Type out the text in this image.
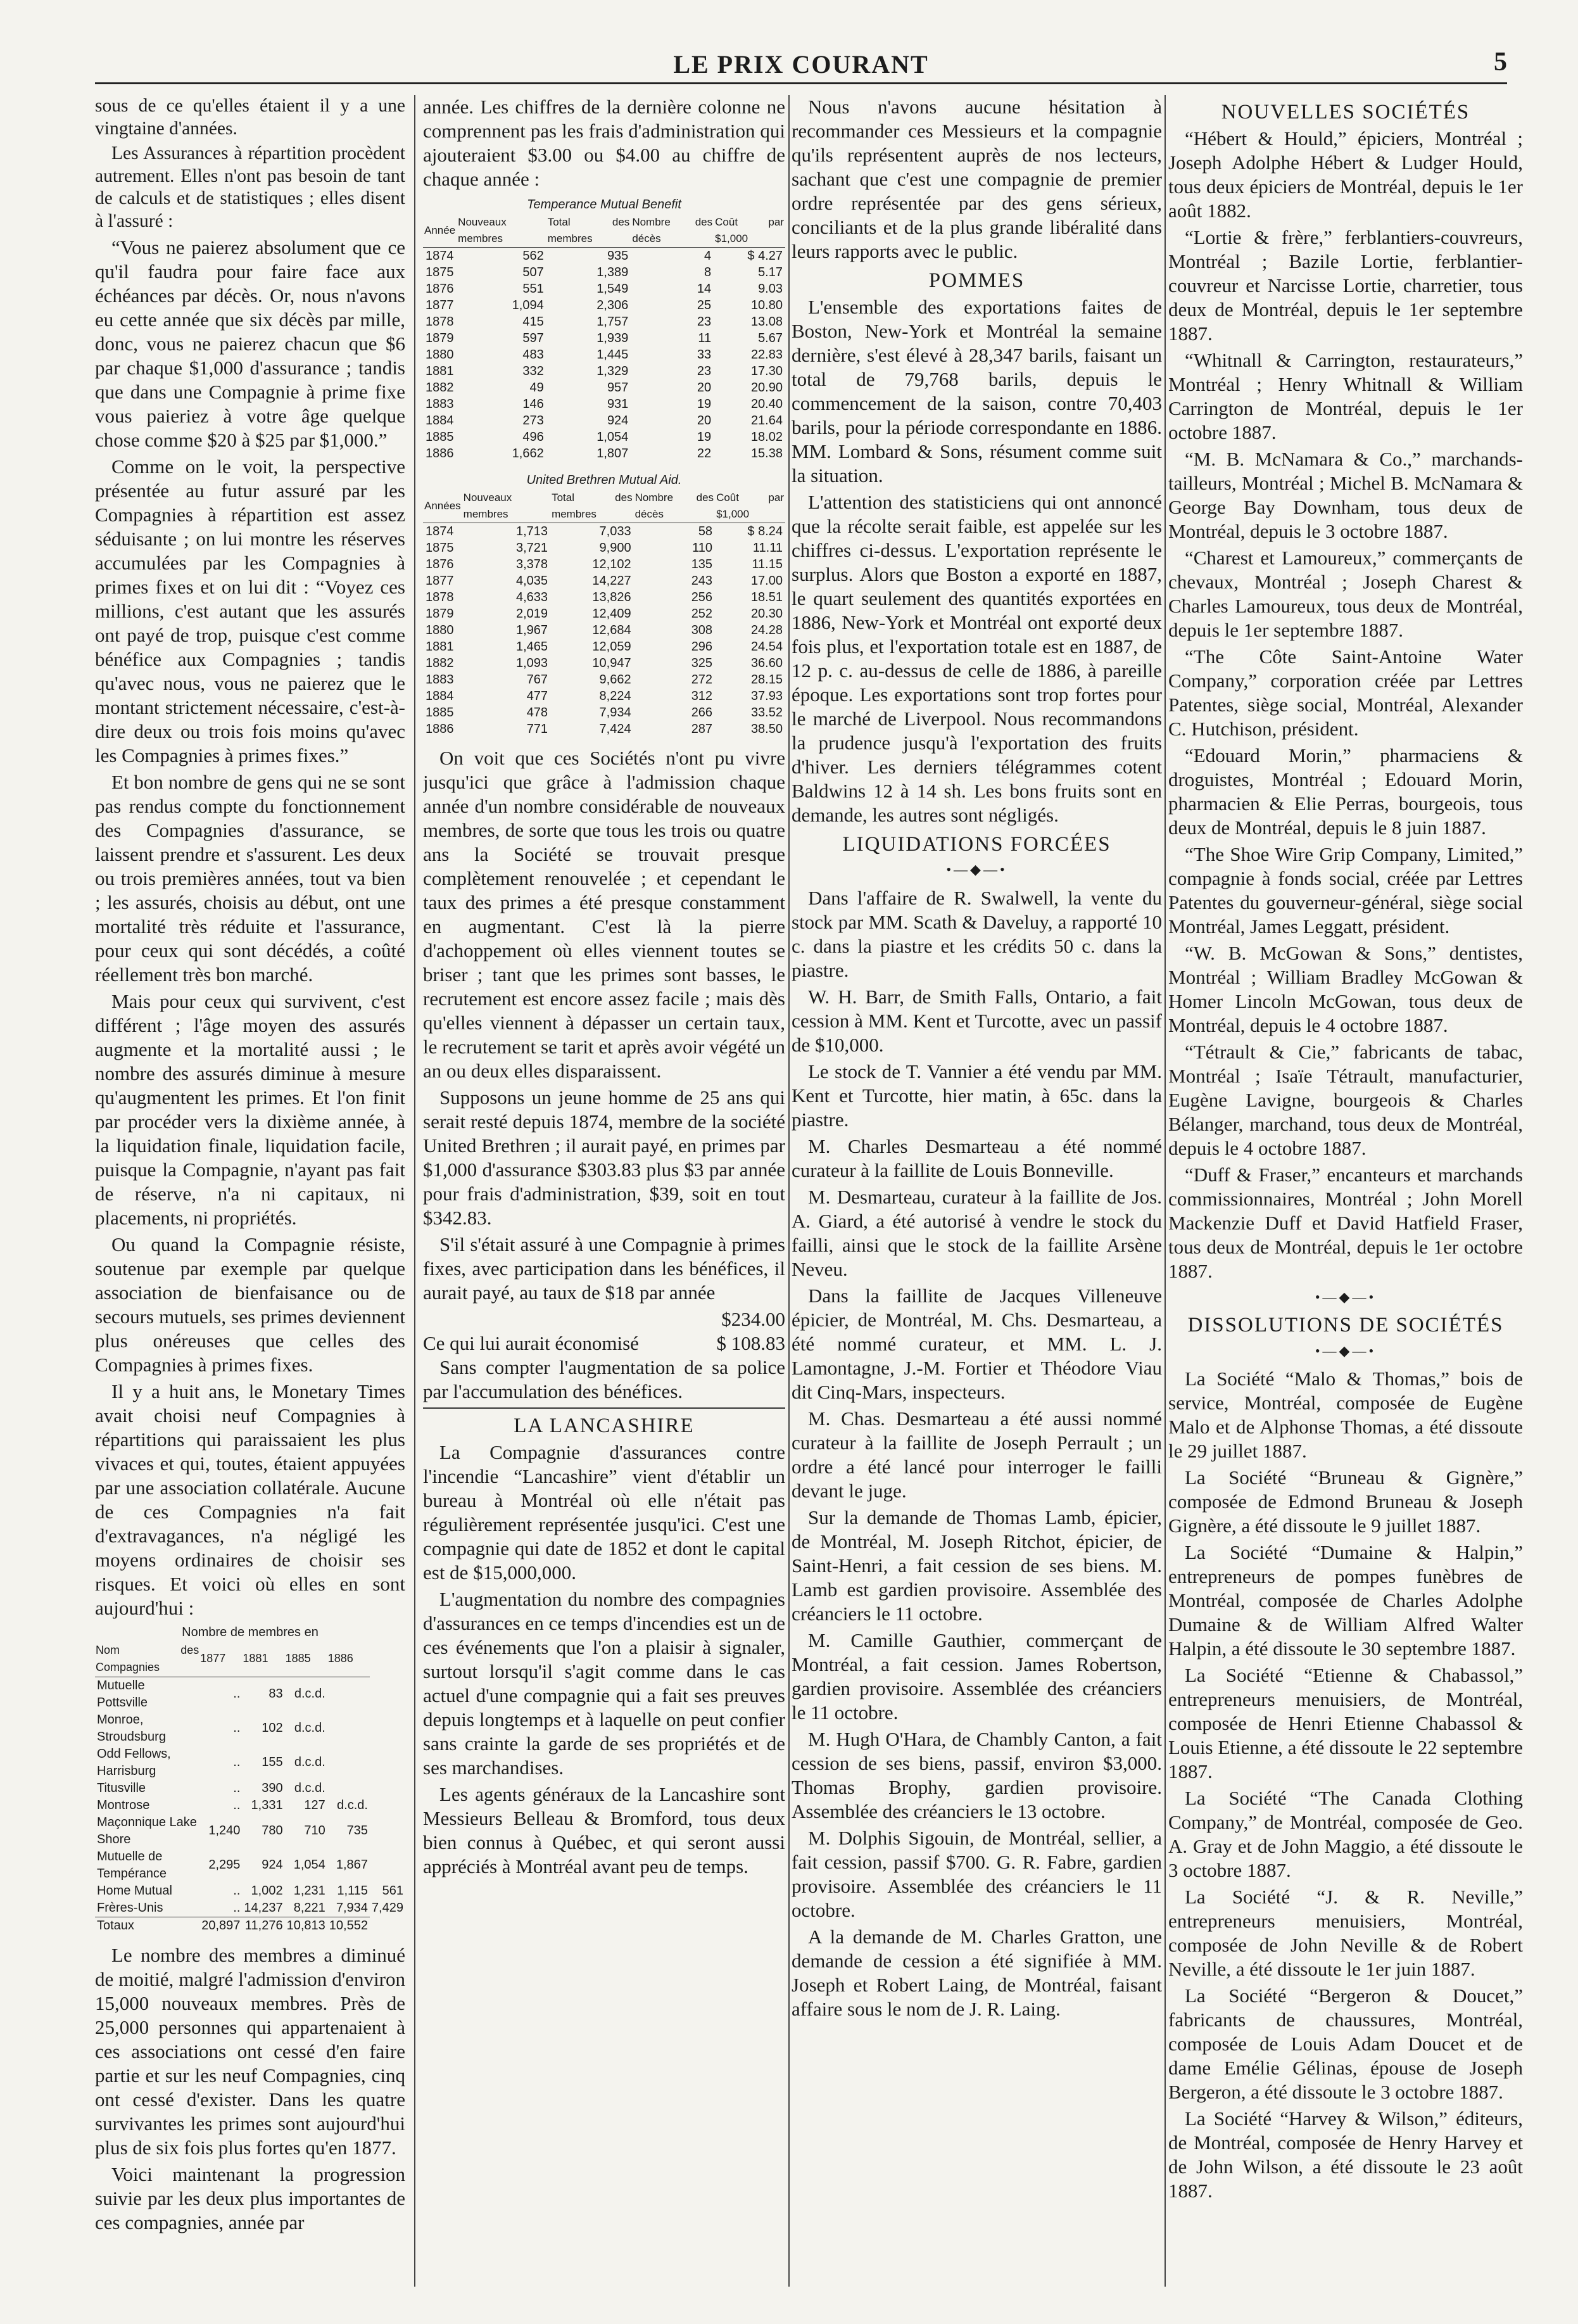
LE PRIX COURANT	5

sous de ce qu'elles étaient il y a une vingtaine d'années.

Les Assurances à répartition procèdent autrement. Elles n'ont pas besoin de tant de calculs et de statistiques ; elles disent à l'assuré :

“Vous ne paierez absolument que ce qu'il faudra pour faire face aux échéances par décès. Or, nous n'avons eu cette année que six décès par mille, donc, vous ne paierez chacun que $6 par chaque $1,000 d'assurance ; tandis que dans une Compagnie à prime fixe vous paieriez à votre âge quelque chose comme $20 à $25 par $1,000.”

Comme on le voit, la perspective présentée au futur assuré par les Compagnies à répartition est assez séduisante ; on lui montre les réserves accumulées par les Compagnies à primes fixes et on lui dit : “Voyez ces millions, c'est autant que les assurés ont payé de trop, puisque c'est comme bénéfice aux Compagnies ; tandis qu'avec nous, vous ne paierez que le montant strictement nécessaire, c'est-à-dire deux ou trois fois moins qu'avec les Compagnies à primes fixes.”

Et bon nombre de gens qui ne se sont pas rendus compte du fonctionnement des Compagnies d'assurance, se laissent prendre et s'assurent. Les deux ou trois premières années, tout va bien ; les assurés, choisis au début, ont une mortalité très réduite et l'assurance, pour ceux qui sont décédés, a coûté réellement très bon marché.

Mais pour ceux qui survivent, c'est différent ; l'âge moyen des assurés augmente et la mortalité aussi ; le nombre des assurés diminue à mesure qu'augmentent les primes. Et l'on finit par procéder vers la dixième année, à la liquidation finale, liquidation facile, puisque la Compagnie, n'ayant pas fait de réserve, n'a ni capitaux, ni placements, ni propriétés.

Ou quand la Compagnie résiste, soutenue par exemple par quelque association de bienfaisance ou de secours mutuels, ses primes deviennent plus onéreuses que celles des Compagnies à primes fixes.

Il y a huit ans, le Monetary Times avait choisi neuf Compagnies à répartitions qui paraissaient les plus vivaces et qui, toutes, étaient appuyées par une association collatérale. Aucune de ces Compagnies n'a fait d'extravagances, n'a négligé les moyens ordinaires de choisir ses risques. Et voici où elles en sont aujourd'hui :

Nombre de membres en
Nom des Compagnies	1877	1881	1885	1886	
Mutuelle Pottsville	..	83	d.c.d.		
Monroe, Stroudsburg	..	102	d.c.d.		
Odd Fellows, Harrisburg	..	155	d.c.d.		
Titusville	..	390	d.c.d.		
Montrose	..	1,331	127	d.c.d.	
Maçonnique Lake Shore	1,240	780	710	735	
Mutuelle de Tempérance	2,295	924	1,054	1,867	
Home Mutual	..	1,002	1,231	1,115	561
Frères-Unis	..	14,237	8,221	7,934	7,429
Totaux	20,897	11,276	10,813	10,552	

Le nombre des membres a diminué de moitié, malgré l'admission d'environ 15,000 nouveaux membres. Près de 25,000 personnes qui appartenaient à ces associations ont cessé d'en faire partie et sur les neuf Compagnies, cinq ont cessé d'exister. Dans les quatre survivantes les primes sont aujourd'hui plus de six fois plus fortes qu'en 1877.

Voici maintenant la progression suivie par les deux plus importantes de ces compagnies, année par

année. Les chiffres de la dernière colonne ne comprennent pas les frais d'administration qui ajouteraient $3.00 ou $4.00 au chiffre de chaque année :

Temperance Mutual Benefit
Année	Nouveaux membres	Total des membres	Nombre des décès	Coût par $1,000
1874	562	935	4	$ 4.27
1875	507	1,389	8	5.17
1876	551	1,549	14	9.03
1877	1,094	2,306	25	10.80
1878	415	1,757	23	13.08
1879	597	1,939	11	5.67
1880	483	1,445	33	22.83
1881	332	1,329	23	17.30
1882	49	957	20	20.90
1883	146	931	19	20.40
1884	273	924	20	21.64
1885	496	1,054	19	18.02
1886	1,662	1,807	22	15.38
United Brethren Mutual Aid.
Années	Nouveaux membres	Total des membres	Nombre des décès	Coût par $1,000
1874	1,713	7,033	58	$ 8.24
1875	3,721	9,900	110	11.11
1876	3,378	12,102	135	11.15
1877	4,035	14,227	243	17.00
1878	4,633	13,826	256	18.51
1879	2,019	12,409	252	20.30
1880	1,967	12,684	308	24.28
1881	1,465	12,059	296	24.54
1882	1,093	10,947	325	36.60
1883	767	9,662	272	28.15
1884	477	8,224	312	37.93
1885	478	7,934	266	33.52
1886	771	7,424	287	38.50

On voit que ces Sociétés n'ont pu vivre jusqu'ici que grâce à l'admission chaque année d'un nombre considérable de nouveaux membres, de sorte que tous les trois ou quatre ans la Société se trouvait presque complètement renouvelée ; et cependant le taux des primes a été presque constamment en augmentant. C'est là la pierre d'achoppement où elles viennent toutes se briser ; tant que les primes sont basses, le recrutement est encore assez facile ; mais dès qu'elles viennent à dépasser un certain taux, le recrutement se tarit et après avoir végété un an ou deux elles disparaissent.

Supposons un jeune homme de 25 ans qui serait resté depuis 1874, membre de la société United Brethren ; il aurait payé, en primes par $1,000 d'assurance $303.83 plus $3 par année pour frais d'administration, $39, soit en tout $342.83.

S'il s'était assuré à une Compagnie à primes fixes, avec participation dans les bénéfices, il aurait payé, au taux de $18 par année

$234.00
Ce qui lui aurait économisé	$ 108.83

Sans compter l'augmentation de sa police par l'accumulation des bénéfices.

LA LANCASHIRE

La Compagnie d'assurances contre l'incendie “Lancashire” vient d'établir un bureau à Montréal où elle n'était pas régulièrement représentée jusqu'ici. C'est une compagnie qui date de 1852 et dont le capital est de $15,000,000.

L'augmentation du nombre des compagnies d'assurances en ce temps d'incendies est un de ces événements que l'on a plaisir à signaler, surtout lorsqu'il s'agit comme dans le cas actuel d'une compagnie qui a fait ses preuves depuis longtemps et à laquelle on peut confier sans crainte la garde de ses propriétés et de ses marchandises.

Les agents généraux de la Lancashire sont Messieurs Belleau & Bromford, tous deux bien connus à Québec, et qui seront aussi appréciés à Montréal avant peu de temps.

Nous n'avons aucune hésitation à recommander ces Messieurs et la compagnie qu'ils représentent auprès de nos lecteurs, sachant que c'est une compagnie de premier ordre représentée par des gens sérieux, conciliants et de la plus grande libéralité dans leurs rapports avec le public.

POMMES

L'ensemble des exportations faites de Boston, New-York et Montréal la semaine dernière, s'est élevé à 28,347 barils, faisant un total de 79,768 barils, depuis le commencement de la saison, contre 70,403 barils, pour la période correspondante en 1886. MM. Lombard & Sons, résument comme suit la situation.

L'attention des statisticiens qui ont annoncé que la récolte serait faible, est appelée sur les chiffres ci-dessus. L'exportation représente le surplus. Alors que Boston a exporté en 1887, le quart seulement des quantités exportées en 1886, New-York et Montréal ont exporté deux fois plus, et l'exportation totale est en 1887, de 12 p. c. au-dessus de celle de 1886, à pareille époque. Les exportations sont trop fortes pour le marché de Liverpool. Nous recommandons la prudence jusqu'à l'exportation des fruits d'hiver. Les derniers télégrammes cotent Baldwins 12 à 14 sh. Les bons fruits sont en demande, les autres sont négligés.

LIQUIDATIONS FORCÉES
•—◆—•

Dans l'affaire de R. Swalwell, la vente du stock par MM. Scath & Daveluy, a rapporté 10 c. dans la piastre et les crédits 50 c. dans la piastre.

W. H. Barr, de Smith Falls, Ontario, a fait cession à MM. Kent et Turcotte, avec un passif de $10,000.

Le stock de T. Vannier a été vendu par MM. Kent et Turcotte, hier matin, à 65c. dans la piastre.

M. Charles Desmarteau a été nommé curateur à la faillite de Louis Bonneville.

M. Desmarteau, curateur à la faillite de Jos. A. Giard, a été autorisé à vendre le stock du failli, ainsi que le stock de la faillite Arsène Neveu.

Dans la faillite de Jacques Villeneuve épicier, de Montréal, M. Chs. Desmarteau, a été nommé curateur, et MM. L. J. Lamontagne, J.-M. Fortier et Théodore Viau dit Cinq-Mars, inspecteurs.

M. Chas. Desmarteau a été aussi nommé curateur à la faillite de Joseph Perrault ; un ordre a été lancé pour interroger le failli devant le juge.

Sur la demande de Thomas Lamb, épicier, de Montréal, M. Joseph Ritchot, épicier, de Saint-Henri, a fait cession de ses biens. M. Lamb est gardien provisoire. Assemblée des créanciers le 11 octobre.

M. Camille Gauthier, commerçant de Montréal, a fait cession. James Robertson, gardien provisoire. Assemblée des créanciers le 11 octobre.

M. Hugh O'Hara, de Chambly Canton, a fait cession de ses biens, passif, environ $3,000. Thomas Brophy, gardien provisoire. Assemblée des créanciers le 13 octobre.

M. Dolphis Sigouin, de Montréal, sellier, a fait cession, passif $700. G. R. Fabre, gardien provisoire. Assemblée des créanciers le 11 octobre.

A la demande de M. Charles Gratton, une demande de cession a été signifiée à MM. Joseph et Robert Laing, de Montréal, faisant affaire sous le nom de J. R. Laing.

NOUVELLES SOCIÉTÉS

“Hébert & Hould,” épiciers, Montréal ; Joseph Adolphe Hébert & Ludger Hould, tous deux épiciers de Montréal, depuis le 1er août 1882.

“Lortie & frère,” ferblantiers-couvreurs, Montréal ; Bazile Lortie, ferblantier-couvreur et Narcisse Lortie, charretier, tous deux de Montréal, depuis le 1er septembre 1887.

“Whitnall & Carrington, restaurateurs,” Montréal ; Henry Whitnall & William Carrington de Montréal, depuis le 1er octobre 1887.

“M. B. McNamara & Co.,” marchands-tailleurs, Montréal ; Michel B. McNamara & George Bay Downham, tous deux de Montréal, depuis le 3 octobre 1887.

“Charest et Lamoureux,” commerçants de chevaux, Montréal ; Joseph Charest & Charles Lamoureux, tous deux de Montréal, depuis le 1er septembre 1887.

“The Côte Saint-Antoine Water Company,” corporation créée par Lettres Patentes, siège social, Montréal, Alexander C. Hutchison, président.

“Edouard Morin,” pharmaciens & droguistes, Montréal ; Edouard Morin, pharmacien & Elie Perras, bourgeois, tous deux de Montréal, depuis le 8 juin 1887.

“The Shoe Wire Grip Company, Limited,” compagnie à fonds social, créée par Lettres Patentes du gouverneur-général, siège social Montréal, James Leggatt, président.

“W. B. McGowan & Sons,” dentistes, Montréal ; William Bradley McGowan & Homer Lincoln McGowan, tous deux de Montréal, depuis le 4 octobre 1887.

“Tétrault & Cie,” fabricants de tabac, Montréal ; Isaïe Tétrault, manufacturier, Eugène Lavigne, bourgeois & Charles Bélanger, marchand, tous deux de Montréal, depuis le 4 octobre 1887.

“Duff & Fraser,” encanteurs et marchands commissionnaires, Montréal ; John Morell Mackenzie Duff et David Hatfield Fraser, tous deux de Montréal, depuis le 1er octobre 1887.

•—◆—•
DISSOLUTIONS DE SOCIÉTÉS
•—◆—•

La Société “Malo & Thomas,” bois de service, Montréal, composée de Eugène Malo et de Alphonse Thomas, a été dissoute le 29 juillet 1887.

La Société “Bruneau & Gignère,” composée de Edmond Bruneau & Joseph Gignère, a été dissoute le 9 juillet 1887.

La Société “Dumaine & Halpin,” entrepreneurs de pompes funèbres de Montréal, composée de Charles Adolphe Dumaine & de William Alfred Walter Halpin, a été dissoute le 30 septembre 1887.

La Société “Etienne & Chabassol,” entrepreneurs menuisiers, de Montréal, composée de Henri Etienne Chabassol & Louis Etienne, a été dissoute le 22 septembre 1887.

La Société “The Canada Clothing Company,” de Montréal, composée de Geo. A. Gray et de John Maggio, a été dissoute le 3 octobre 1887.

La Société “J. & R. Neville,” entrepreneurs menuisiers, Montréal, composée de John Neville & de Robert Neville, a été dissoute le 1er juin 1887.

La Société “Bergeron & Doucet,” fabricants de chaussures, Montréal, composée de Louis Adam Doucet et de dame Emélie Gélinas, épouse de Joseph Bergeron, a été dissoute le 3 octobre 1887.

La Société “Harvey & Wilson,” éditeurs, de Montréal, composée de Henry Harvey et de John Wilson, a été dissoute le 23 août 1887.
